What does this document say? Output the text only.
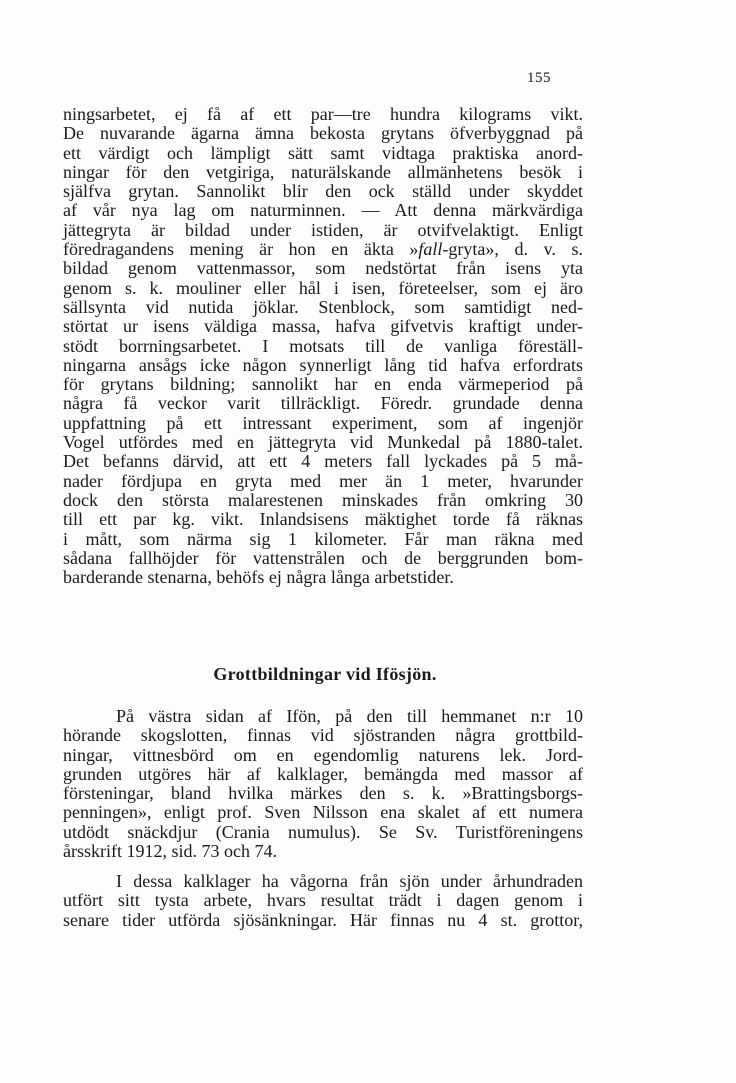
155
ningsarbetet, ej få af ett par—tre hundra kilograms vikt.
De nuvarande ägarna ämna bekosta grytans öfverbyggnad på
ett värdigt och lämpligt sätt samt vidtaga praktiska anord-
ningar för den vetgiriga, naturälskande allmänhetens besök i
själfva grytan. Sannolikt blir den ock ställd under skyddet
af vår nya lag om naturminnen. — Att denna märkvärdiga
jättegryta är bildad under istiden, är otvifvelaktigt. Enligt
föredragandens mening är hon en äkta »fall-gryta», d. v. s.
bildad genom vattenmassor, som nedstörtat från isens yta
genom s. k. mouliner eller hål i isen, företeelser, som ej äro
sällsynta vid nutida jöklar. Stenblock, som samtidigt ned-
störtat ur isens väldiga massa, hafva gifvetvis kraftigt under-
stödt borrningsarbetet. I motsats till de vanliga föreställ-
ningarna ansågs icke någon synnerligt lång tid hafva erfordrats
för grytans bildning; sannolikt har en enda värmeperiod på
några få veckor varit tillräckligt. Föredr. grundade denna
uppfattning på ett intressant experiment, som af ingenjör
Vogel utfördes med en jättegryta vid Munkedal på 1880-talet.
Det befanns därvid, att ett 4 meters fall lyckades på 5 må-
nader fördjupa en gryta med mer än 1 meter, hvarunder
dock den största malarestenen minskades från omkring 30
till ett par kg. vikt. Inlandsisens mäktighet torde få räknas
i mått, som närma sig 1 kilometer. Får man räkna med
sådana fallhöjder för vattenstrålen och de berggrunden bom-
barderande stenarna, behöfs ej några långa arbetstider.
Grottbildningar vid Ifösjön.
På västra sidan af Ifön, på den till hemmanet n:r 10
hörande skogslotten, finnas vid sjöstranden några grottbild-
ningar, vittnesbörd om en egendomlig naturens lek. Jord-
grunden utgöres här af kalklager, bemängda med massor af
försteningar, bland hvilka märkes den s. k. »Brattingsborgs-
penningen», enligt prof. Sven Nilsson ena skalet af ett numera
utdödt snäckdjur (Crania numulus). Se Sv. Turistföreningens
årsskrift 1912, sid. 73 och 74.
I dessa kalklager ha vågorna från sjön under århundraden
utfört sitt tysta arbete, hvars resultat trädt i dagen genom i
senare tider utförda sjösänkningar. Här finnas nu 4 st. grottor,
